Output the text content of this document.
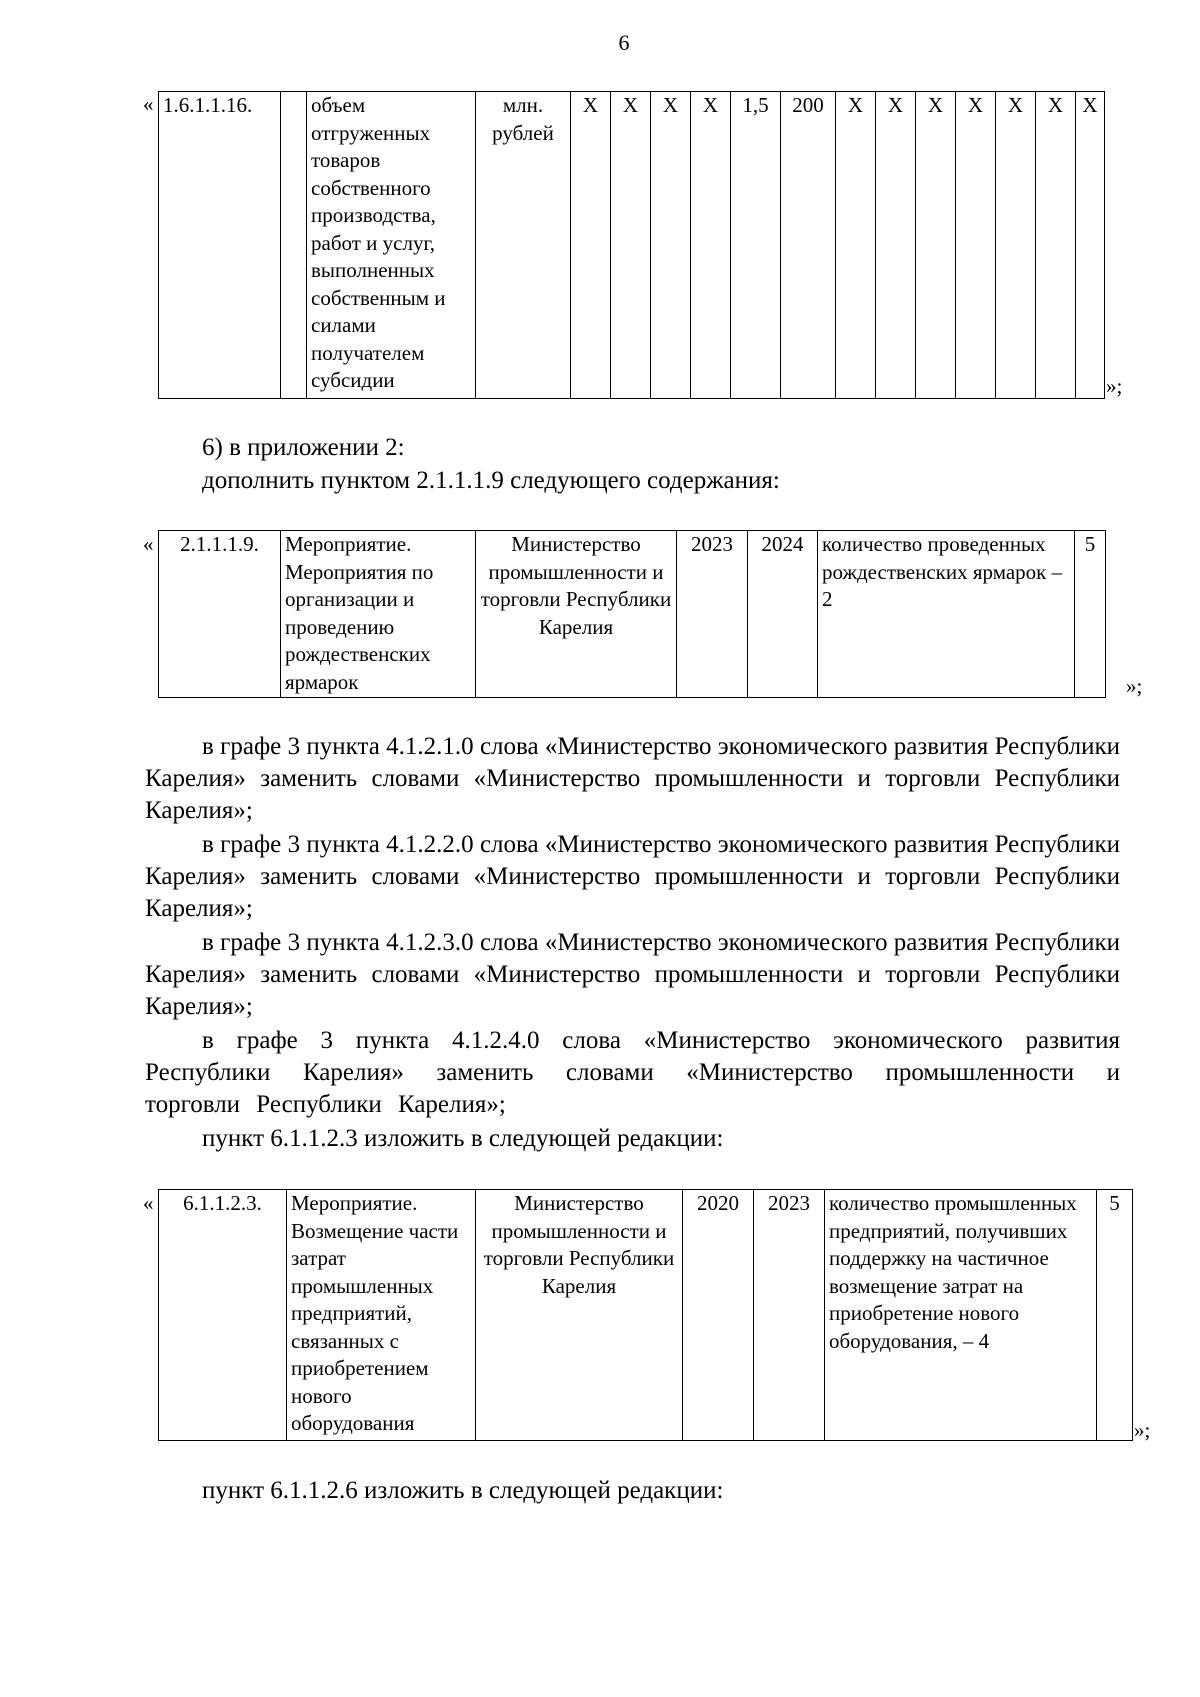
6
« 1.6.1.1.16.		объем отгруженных товаров собственного производства, работ и услуг, выполненных собственным и силами получателем субсидии	млн. рублей	Х	Х	Х	Х	1,5	200	Х	Х	Х	Х	Х	Х	Х
»;

6) в приложении 2:

дополнить пунктом 2.1.1.1.9 следующего содержания:

« 2.1.1.1.9.	Мероприятие. Мероприятия по организации и проведению рождественских ярмарок	Министерство промышленности и торговли Республики Карелия	2023	2024	количество проведенных рождественских ярмарок – 2	5
»;

в графе 3 пункта 4.1.2.1.0 слова «Министерство экономического развития Республики Карелия» заменить словами «Министерство промышленности и торговли Республики Карелия»;

в графе 3 пункта 4.1.2.2.0 слова «Министерство экономического развития Республики Карелия» заменить словами «Министерство промышленности и торговли Республики Карелия»;

в графе 3 пункта 4.1.2.3.0 слова «Министерство экономического развития Республики Карелия» заменить словами «Министерство промышленности и торговли Республики Карелия»;

в графе 3 пункта 4.1.2.4.0 слова «Министерство экономического развития Республики Карелия» заменить словами «Министерство промышленности и торговли Республики Карелия»;

пункт 6.1.1.2.3 изложить в следующей редакции:

« 6.1.1.2.3.	Мероприятие. Возмещение части затрат промышленных предприятий, связанных с приобретением нового оборудования	Министерство промышленности и торговли Республики Карелия	2020	2023	количество промышленных предприятий, получивших поддержку на частичное возмещение затрат на приобретение нового оборудования, – 4	5
»;

пункт 6.1.1.2.6 изложить в следующей редакции:
